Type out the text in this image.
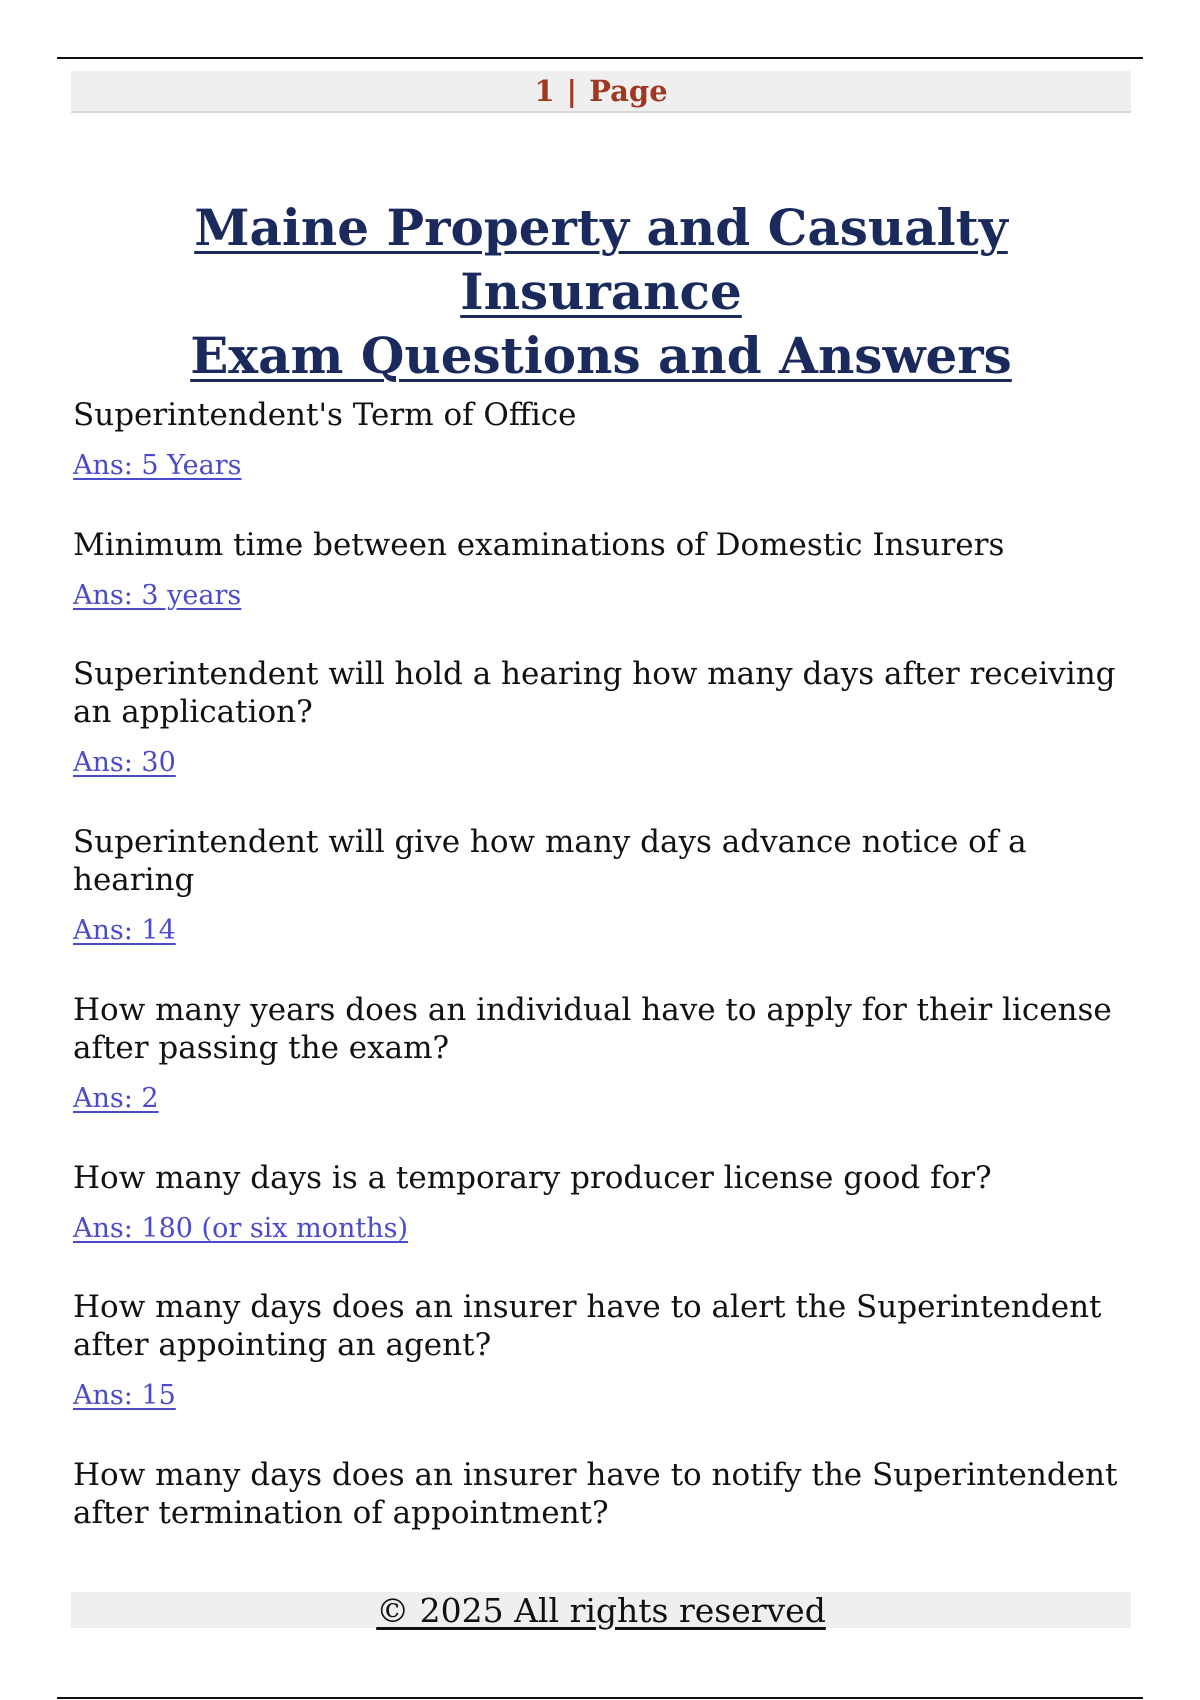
1 | Page
Maine Property and Casualty Insurance
Exam Questions and Answers

Superintendent's Term of Office

Ans: 5 Years

Minimum time between examinations of Domestic Insurers

Ans: 3 years

Superintendent will hold a hearing how many days after receiving an application?

Ans: 30

Superintendent will give how many days advance notice of a hearing

Ans: 14

How many years does an individual have to apply for their license after passing the exam?

Ans: 2

How many days is a temporary producer license good for?

Ans: 180 (or six months)

How many days does an insurer have to alert the Superintendent after appointing an agent?

Ans: 15

How many days does an insurer have to notify the Superintendent after termination of appointment?

© 2025 All rights reserved
